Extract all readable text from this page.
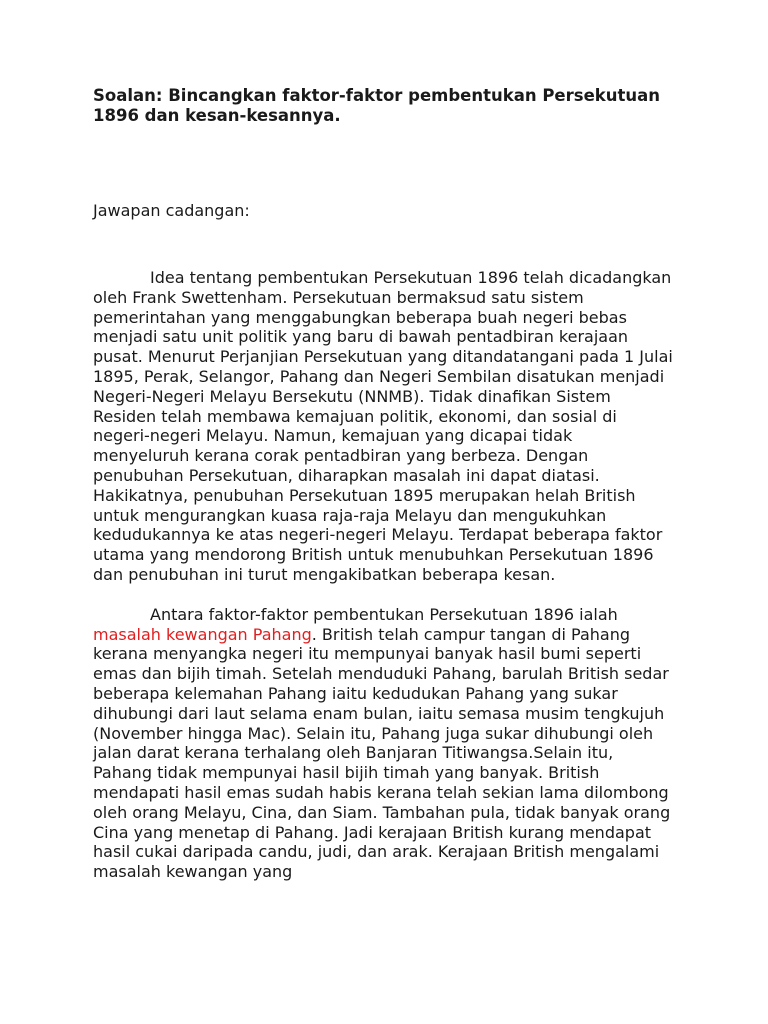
Soalan: Bincangkan faktor-faktor pembentukan Persekutuan 1896 dan kesan-kesannya.

Jawapan cadangan:

Idea tentang pembentukan Persekutuan 1896 telah dicadangkan oleh Frank Swettenham. Persekutuan bermaksud satu sistem pemerintahan yang menggabungkan beberapa buah negeri bebas menjadi satu unit politik yang baru di bawah pentadbiran kerajaan pusat. Menurut Perjanjian Persekutuan yang ditandatangani pada 1 Julai 1895, Perak, Selangor, Pahang dan Negeri Sembilan disatukan menjadi Negeri-Negeri Melayu Bersekutu (NNMB). Tidak dinafikan Sistem Residen telah membawa kemajuan politik, ekonomi, dan sosial di negeri-negeri Melayu. Namun, kemajuan yang dicapai tidak menyeluruh kerana corak pentadbiran yang berbeza. Dengan penubuhan Persekutuan, diharapkan masalah ini dapat diatasi. Hakikatnya, penubuhan Persekutuan 1895 merupakan helah British untuk mengurangkan kuasa raja-raja Melayu dan mengukuhkan kedudukannya ke atas negeri-negeri Melayu. Terdapat beberapa faktor utama yang mendorong British untuk menubuhkan Persekutuan 1896 dan penubuhan ini turut mengakibatkan beberapa kesan.

Antara faktor-faktor pembentukan Persekutuan 1896 ialah masalah kewangan Pahang. British telah campur tangan di Pahang kerana menyangka negeri itu mempunyai banyak hasil bumi seperti emas dan bijih timah. Setelah menduduki Pahang, barulah British sedar beberapa kelemahan Pahang iaitu kedudukan Pahang yang sukar dihubungi dari laut selama enam bulan, iaitu semasa musim tengkujuh (November hingga Mac). Selain itu, Pahang juga sukar dihubungi oleh jalan darat kerana terhalang oleh Banjaran Titiwangsa.Selain itu, Pahang tidak mempunyai hasil bijih timah yang banyak. British mendapati hasil emas sudah habis kerana telah sekian lama dilombong oleh orang Melayu, Cina, dan Siam. Tambahan pula, tidak banyak orang Cina yang menetap di Pahang. Jadi kerajaan British kurang mendapat hasil cukai daripada candu, judi, dan arak. Kerajaan British mengalami masalah kewangan yang
